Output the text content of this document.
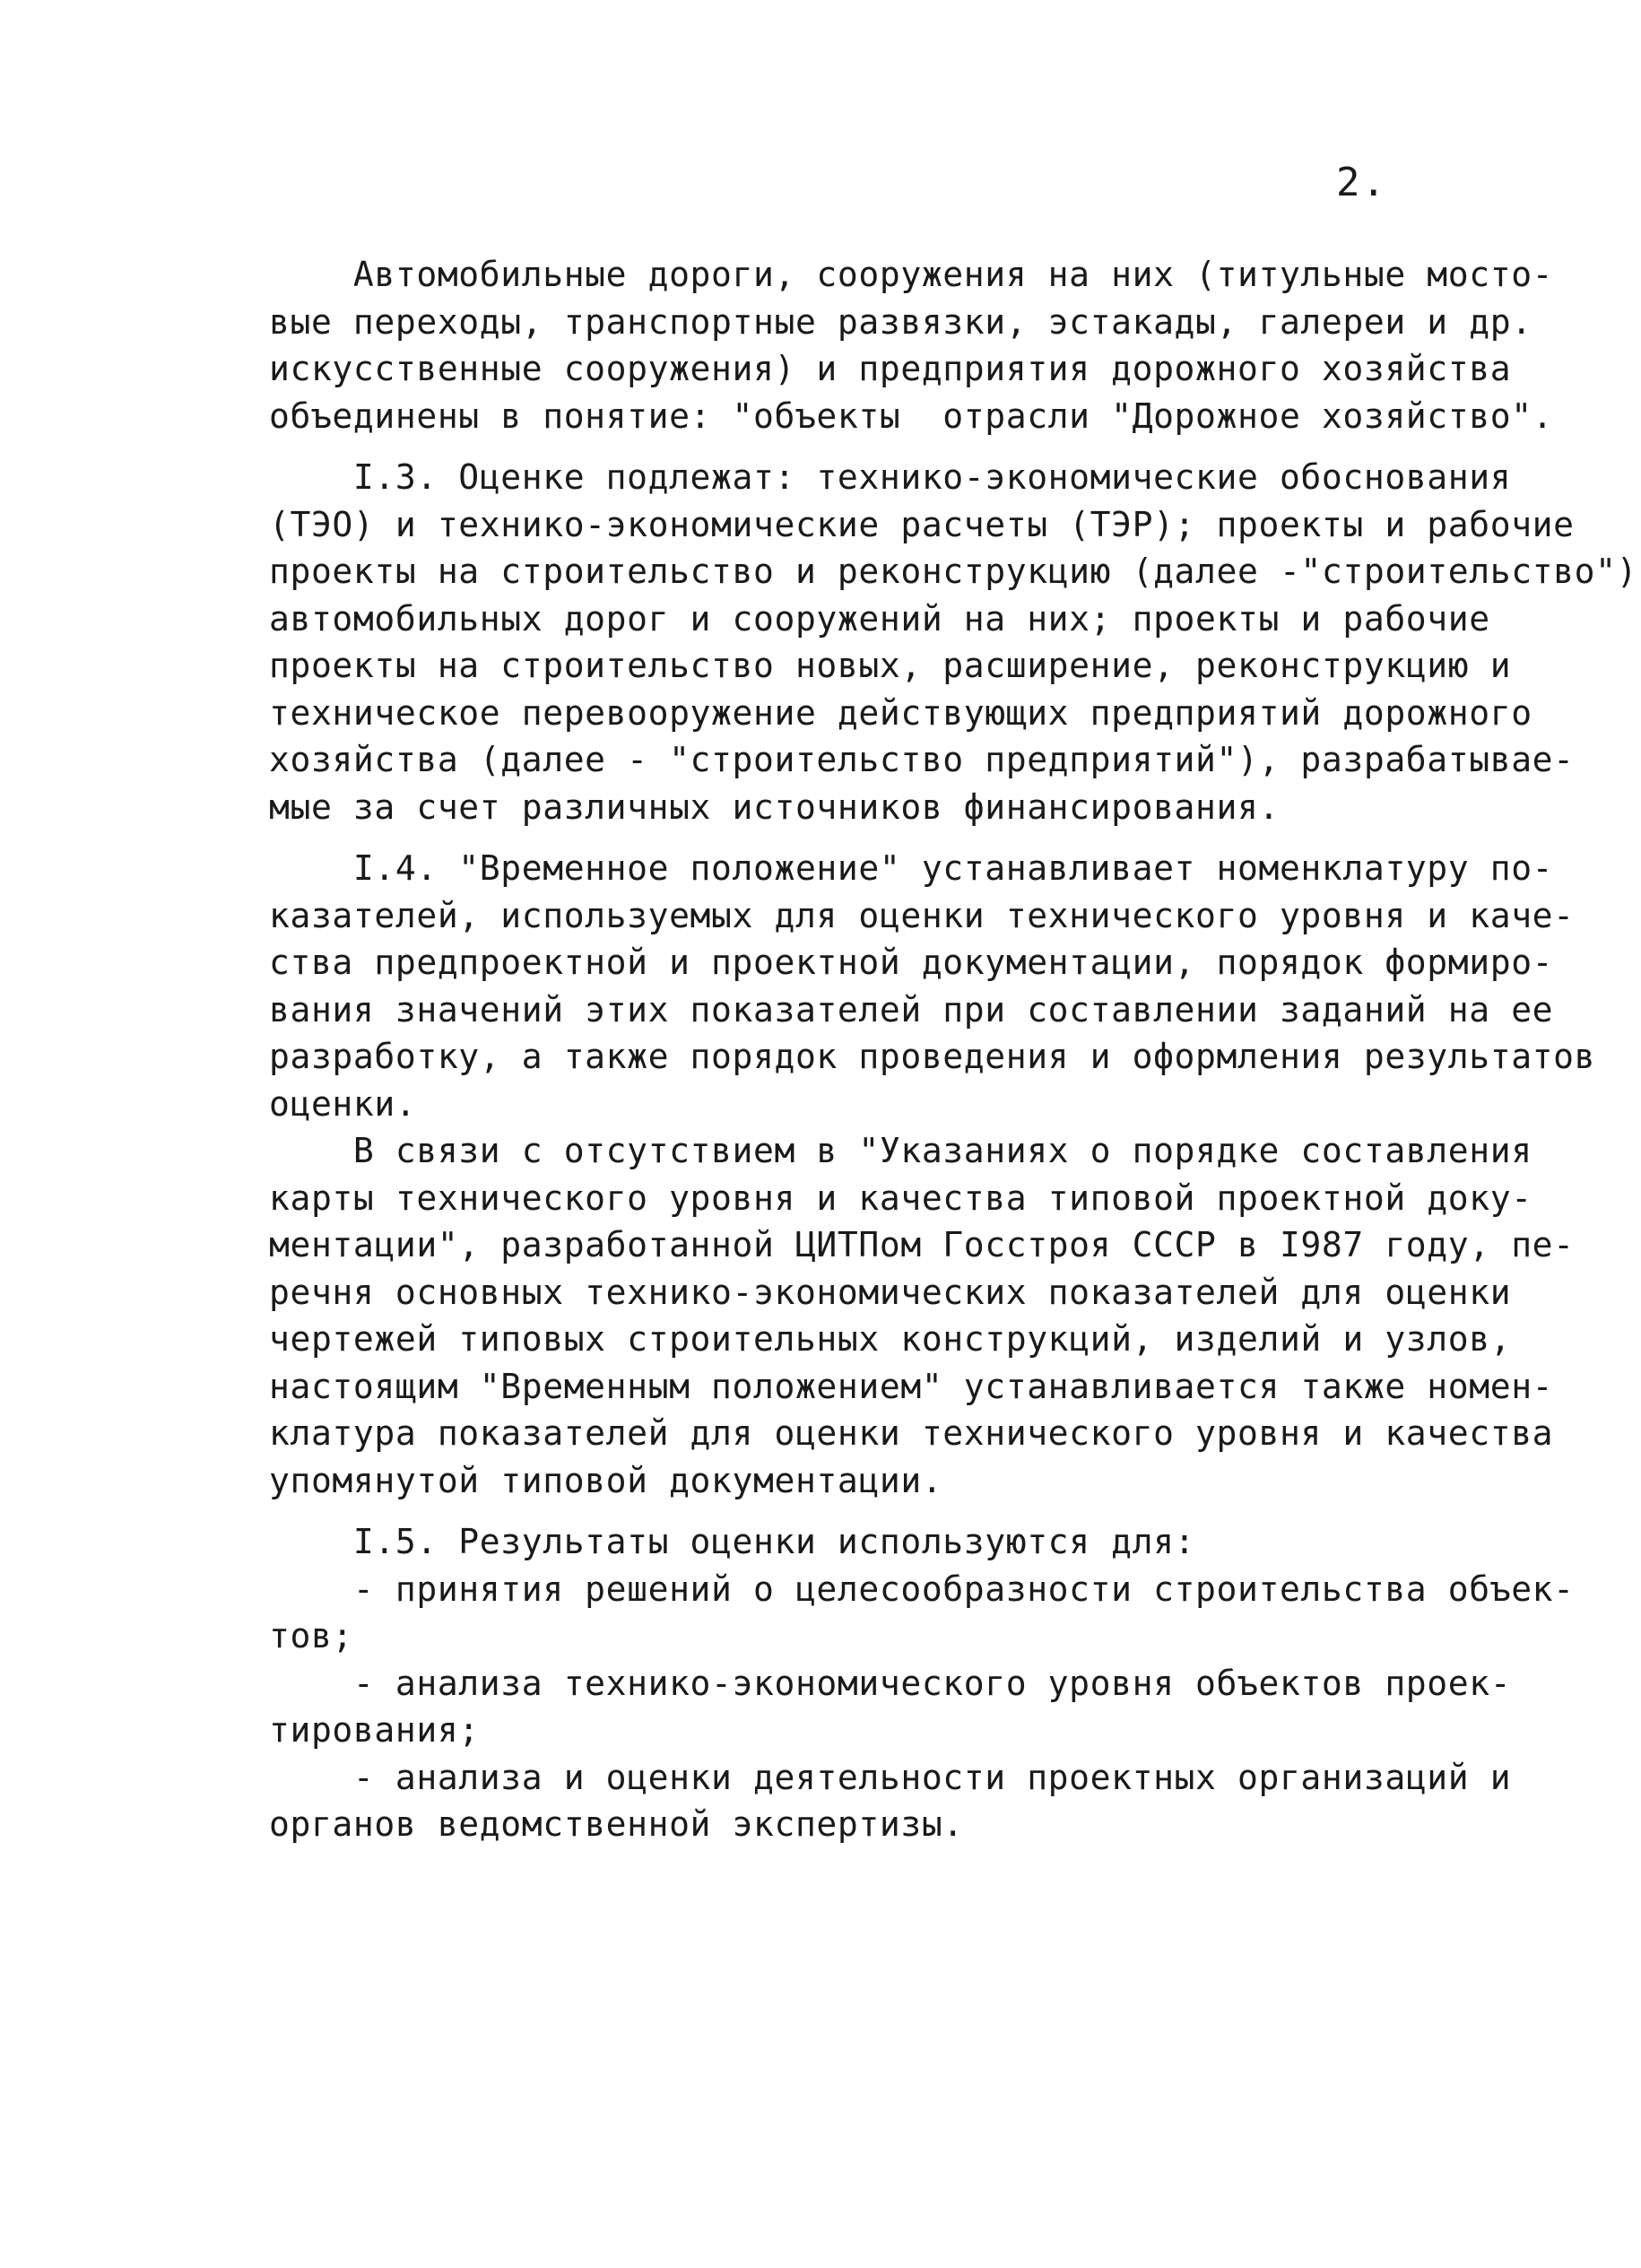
2.
Автомобильные дороги, сооружения на них (титульные мосто-
вые переходы, транспортные развязки, эстакады, галереи и др.
искусственные сооружения) и предприятия дорожного хозяйства
объединены в понятие: "объекты  отрасли "Дорожное хозяйство".
I.3. Оценке подлежат: технико-экономические обоснования
(ТЭО) и технико-экономические расчеты (ТЭР); проекты и рабочие
проекты на строительство и реконструкцию (далее -"строительство")
автомобильных дорог и сооружений на них; проекты и рабочие
проекты на строительство новых, расширение, реконструкцию и
техническое перевооружение действующих предприятий дорожного
хозяйства (далее - "строительство предприятий"), разрабатывае-
мые за счет различных источников финансирования.
I.4. "Временное положение" устанавливает номенклатуру по-
казателей, используемых для оценки технического уровня и каче-
ства предпроектной и проектной документации, порядок формиро-
вания значений этих показателей при составлении заданий на ее
разработку, а также порядок проведения и оформления результатов
оценки.
В связи с отсутствием в "Указаниях о порядке составления
карты технического уровня и качества типовой проектной доку-
ментации", разработанной ЦИТПом Госстроя СССР в I987 году, пе-
речня основных технико-экономических показателей для оценки
чертежей типовых строительных конструкций, изделий и узлов,
настоящим "Временным положением" устанавливается также номен-
клатура показателей для оценки технического уровня и качества
упомянутой типовой документации.
I.5. Результаты оценки используются для:
- принятия решений о целесообразности строительства объек-
тов;
- анализа технико-экономического уровня объектов проек-
тирования;
- анализа и оценки деятельности проектных организаций и
органов ведомственной экспертизы.
